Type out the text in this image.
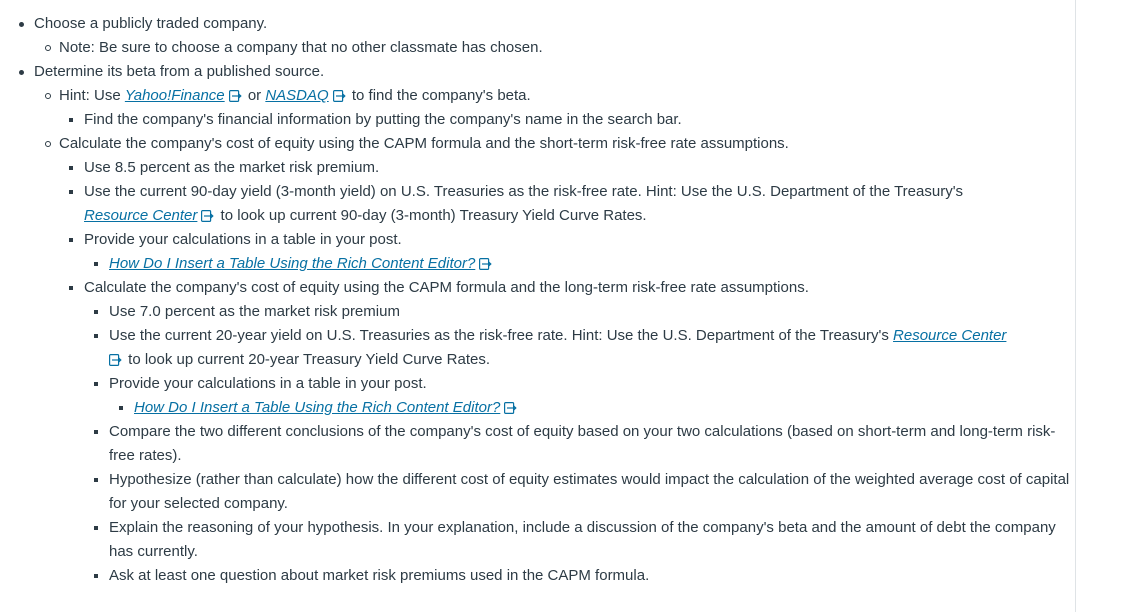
Choose a publicly traded company.
Note: Be sure to choose a company that no other classmate has chosen.
Determine its beta from a published source.
Hint: Use Yahoo!Finance
or NASDAQ
to find the company's beta.
Find the company's financial information by putting the company's name in the search bar.
Calculate the company's cost of equity using the CAPM formula and the short-term risk-free rate assumptions.
Use 8.5 percent as the market risk premium.
Use the current 90-day yield (3-month yield) on U.S. Treasuries as the risk-free rate. Hint: Use the U.S. Department of the Treasury's
Resource Center
to look up current 90-day (3-month) Treasury Yield Curve Rates.
Provide your calculations in a table in your post.
How Do I Insert a Table Using the Rich Content Editor?
Calculate the company's cost of equity using the CAPM formula and the long-term risk-free rate assumptions.
Use 7.0 percent as the market risk premium
Use the current 20-year yield on U.S. Treasuries as the risk-free rate. Hint: Use the U.S. Department of the Treasury's Resource Center

to look up current 20-year Treasury Yield Curve Rates.
Provide your calculations in a table in your post.
How Do I Insert a Table Using the Rich Content Editor?
Compare the two different conclusions of the company's cost of equity based on your two calculations (based on short-term and long-term risk-free rates).
Hypothesize (rather than calculate) how the different cost of equity estimates would impact the calculation of the weighted average cost of capital for your selected company.
Explain the reasoning of your hypothesis. In your explanation, include a discussion of the company's beta and the amount of debt the company has currently.
Ask at least one question about market risk premiums used in the CAPM formula.
